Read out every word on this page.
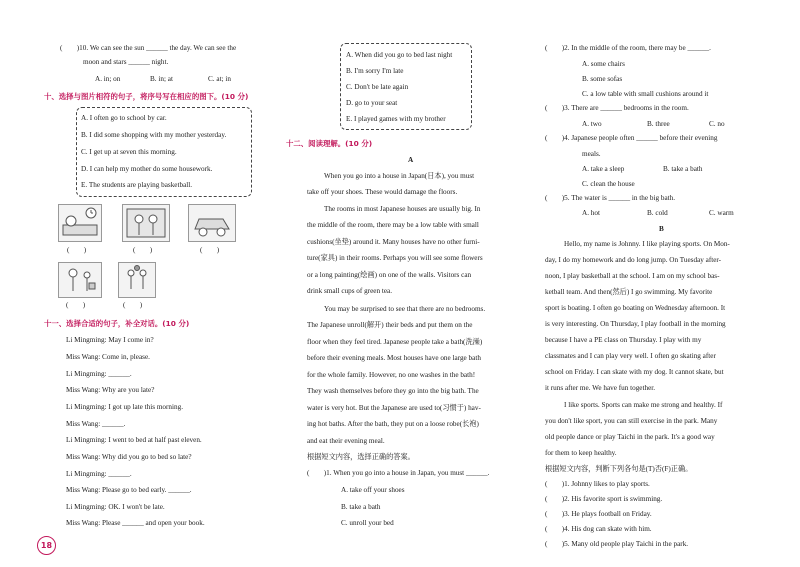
(　　)10. We can see the sun ______ the day. We can see the
moon and stars ______ night.
A. in; on	B. in; at	C. at; in
十、选择与图片相符的句子，将序号写在相应的图下。(10 分)
A. I often go to school by car.
B. I did some shopping with my mother yesterday.
C. I get up at seven this morning.
D. I can help my mother do some housework.
E. The students are playing basketball.
(　　)	(　　)	(　　)
(　　)	(　　)
十一、选择合适的句子，补全对话。(10 分)
Li Mingming: May I come in?
Miss Wang: Come in, please.
Li Mingming: ______.
Miss Wang: Why are you late?
Li Mingming: I got up late this morning.
Miss Wang: ______.
Li Mingming: I went to bed at half past eleven.
Miss Wang: Why did you go to bed so late?
Li Mingming: ______.
Miss Wang: Please go to bed early. ______.
Li Mingming: OK. I won't be late.
Miss Wang: Please ______ and open your book.
18
A. When did you go to bed last night
B. I'm sorry I'm late
C. Don't be late again
D. go to your seat
E. I played games with my brother
十二、阅读理解。(10 分)
A
When you go into a house in Japan(日本), you must
take off your shoes. These would damage the floors.
The rooms in most Japanese houses are usually big. In
the middle of the room, there may be a low table with small
cushions(坐垫) around it. Many houses have no other furni-
ture(家具) in their rooms. Perhaps you will see some flowers
or a long painting(绘画) on one of the walls. Visitors can
drink small cups of green tea.
You may be surprised to see that there are no bedrooms.
The Japanese unroll(解开) their beds and put them on the
floor when they feel tired. Japanese people take a bath(洗澡)
before their evening meals. Most houses have one large bath
for the whole family. However, no one washes in the bath!
They wash themselves before they go into the big bath. The
water is very hot. But the Japanese are used to(习惯于) hav-
ing hot baths. After the bath, they put on a loose robe(长袍)
and eat their evening meal.
根据短文内容，选择正确的答案。
(　　)1. When you go into a house in Japan, you must ______.
A. take off your shoes
B. take a bath
C. unroll your bed
(　　)2. In the middle of the room, there may be ______.
A. some chairs
B. some sofas
C. a low table with small cushions around it
(　　)3. There are ______ bedrooms in the room.
A. two	B. three	C. no
(　　)4. Japanese people often ______ before their evening
meals.
A. take a sleep	B. take a bath
C. clean the house
(　　)5. The water is ______ in the big bath.
A. hot	B. cold	C. warm
B
Hello, my name is Johnny. I like playing sports. On Mon-
day, I do my homework and do long jump. On Tuesday after-
noon, I play basketball at the school. I am on my school bas-
ketball team. And then(然后) I go swimming. My favorite
sport is boating. I often go boating on Wednesday afternoon. It
is very interesting. On Thursday, I play football in the morning
because I have a PE class on Thursday. I play with my
classmates and I can play very well. I often go skating after
school on Friday. I can skate with my dog. It cannot skate, but
it runs after me. We have fun together.
I like sports. Sports can make me strong and healthy. If
you don't like sport, you can still exercise in the park. Many
old people dance or play Taichi in the park. It's a good way
for them to keep healthy.
根据短文内容，判断下列各句是(T)否(F)正确。
(　　)1. Johnny likes to play sports.
(　　)2. His favorite sport is swimming.
(　　)3. He plays football on Friday.
(　　)4. His dog can skate with him.
(　　)5. Many old people play Taichi in the park.
